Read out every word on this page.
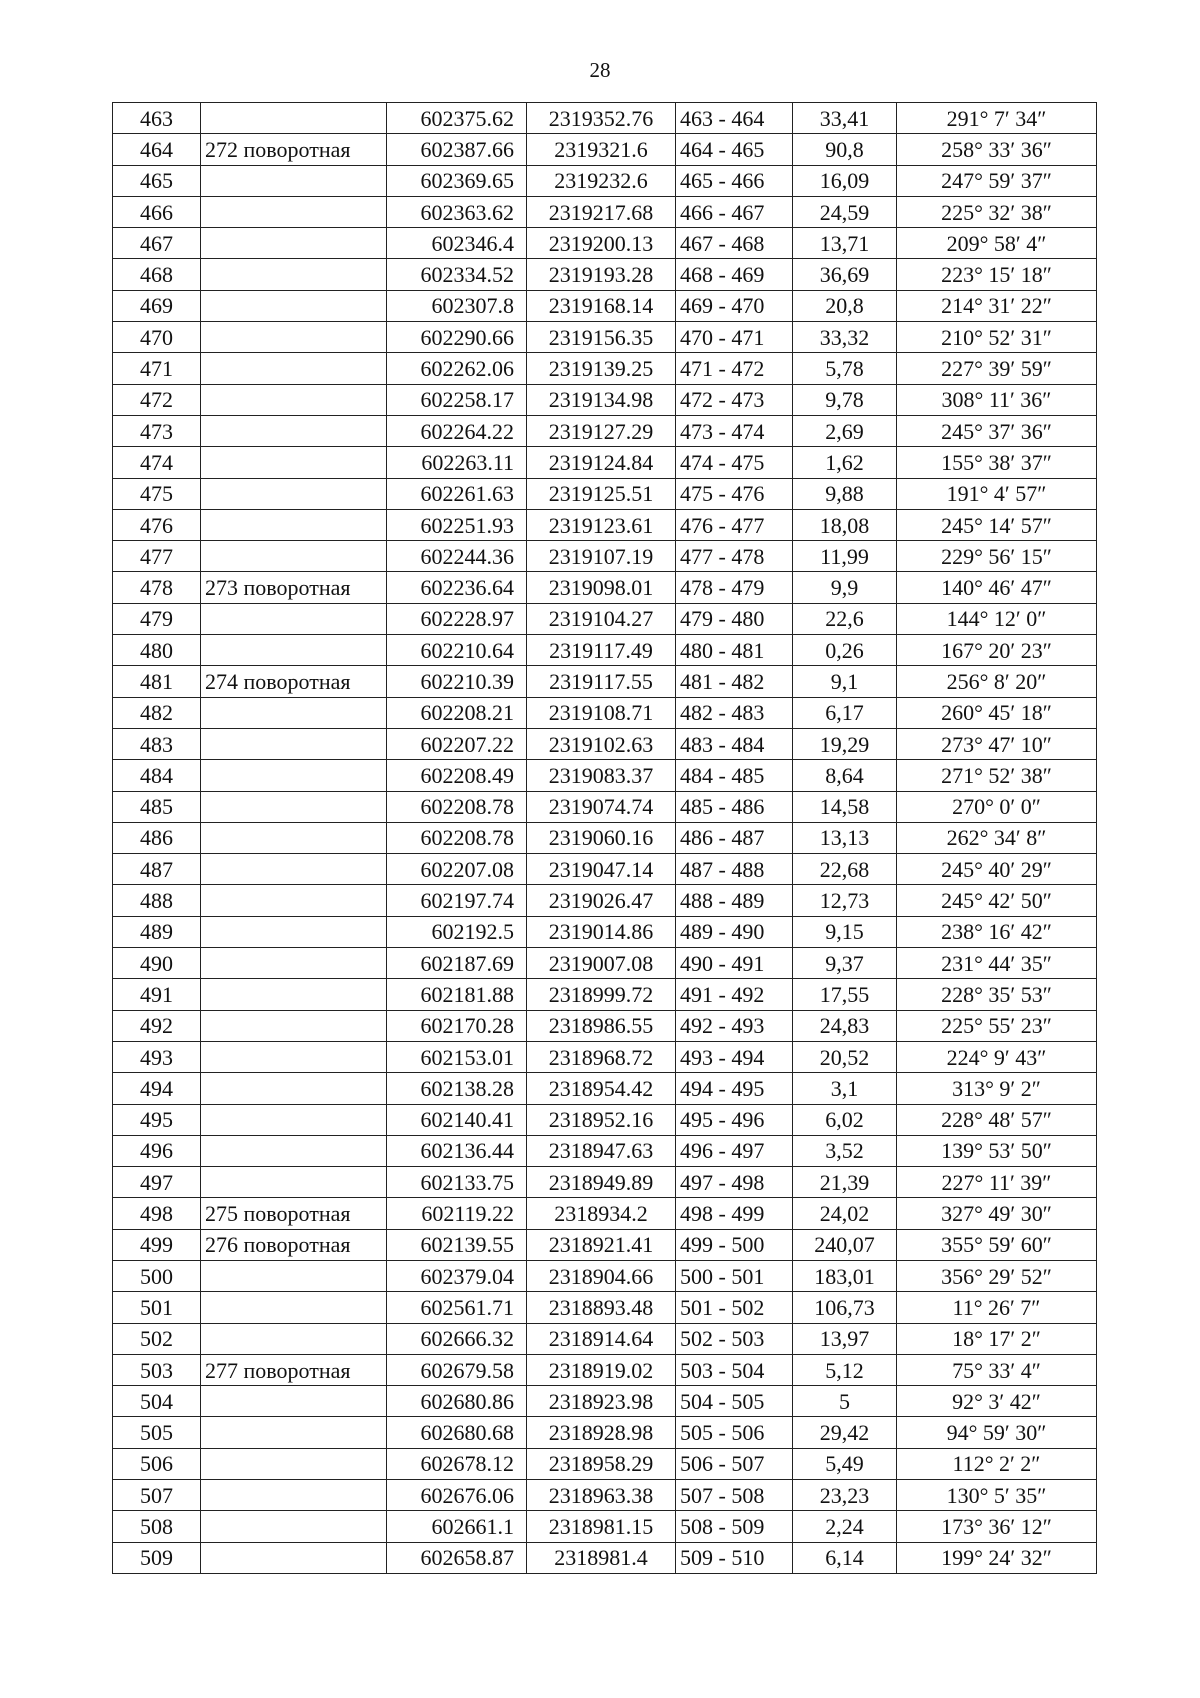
28
463		602375.62	2319352.76	463 - 464	33,41	291° 7′ 34″
464	272 поворотная	602387.66	2319321.6	464 - 465	90,8	258° 33′ 36″
465		602369.65	2319232.6	465 - 466	16,09	247° 59′ 37″
466		602363.62	2319217.68	466 - 467	24,59	225° 32′ 38″
467		602346.4	2319200.13	467 - 468	13,71	209° 58′ 4″
468		602334.52	2319193.28	468 - 469	36,69	223° 15′ 18″
469		602307.8	2319168.14	469 - 470	20,8	214° 31′ 22″
470		602290.66	2319156.35	470 - 471	33,32	210° 52′ 31″
471		602262.06	2319139.25	471 - 472	5,78	227° 39′ 59″
472		602258.17	2319134.98	472 - 473	9,78	308° 11′ 36″
473		602264.22	2319127.29	473 - 474	2,69	245° 37′ 36″
474		602263.11	2319124.84	474 - 475	1,62	155° 38′ 37″
475		602261.63	2319125.51	475 - 476	9,88	191° 4′ 57″
476		602251.93	2319123.61	476 - 477	18,08	245° 14′ 57″
477		602244.36	2319107.19	477 - 478	11,99	229° 56′ 15″
478	273 поворотная	602236.64	2319098.01	478 - 479	9,9	140° 46′ 47″
479		602228.97	2319104.27	479 - 480	22,6	144° 12′ 0″
480		602210.64	2319117.49	480 - 481	0,26	167° 20′ 23″
481	274 поворотная	602210.39	2319117.55	481 - 482	9,1	256° 8′ 20″
482		602208.21	2319108.71	482 - 483	6,17	260° 45′ 18″
483		602207.22	2319102.63	483 - 484	19,29	273° 47′ 10″
484		602208.49	2319083.37	484 - 485	8,64	271° 52′ 38″
485		602208.78	2319074.74	485 - 486	14,58	270° 0′ 0″
486		602208.78	2319060.16	486 - 487	13,13	262° 34′ 8″
487		602207.08	2319047.14	487 - 488	22,68	245° 40′ 29″
488		602197.74	2319026.47	488 - 489	12,73	245° 42′ 50″
489		602192.5	2319014.86	489 - 490	9,15	238° 16′ 42″
490		602187.69	2319007.08	490 - 491	9,37	231° 44′ 35″
491		602181.88	2318999.72	491 - 492	17,55	228° 35′ 53″
492		602170.28	2318986.55	492 - 493	24,83	225° 55′ 23″
493		602153.01	2318968.72	493 - 494	20,52	224° 9′ 43″
494		602138.28	2318954.42	494 - 495	3,1	313° 9′ 2″
495		602140.41	2318952.16	495 - 496	6,02	228° 48′ 57″
496		602136.44	2318947.63	496 - 497	3,52	139° 53′ 50″
497		602133.75	2318949.89	497 - 498	21,39	227° 11′ 39″
498	275 поворотная	602119.22	2318934.2	498 - 499	24,02	327° 49′ 30″
499	276 поворотная	602139.55	2318921.41	499 - 500	240,07	355° 59′ 60″
500		602379.04	2318904.66	500 - 501	183,01	356° 29′ 52″
501		602561.71	2318893.48	501 - 502	106,73	11° 26′ 7″
502		602666.32	2318914.64	502 - 503	13,97	18° 17′ 2″
503	277 поворотная	602679.58	2318919.02	503 - 504	5,12	75° 33′ 4″
504		602680.86	2318923.98	504 - 505	5	92° 3′ 42″
505		602680.68	2318928.98	505 - 506	29,42	94° 59′ 30″
506		602678.12	2318958.29	506 - 507	5,49	112° 2′ 2″
507		602676.06	2318963.38	507 - 508	23,23	130° 5′ 35″
508		602661.1	2318981.15	508 - 509	2,24	173° 36′ 12″
509		602658.87	2318981.4	509 - 510	6,14	199° 24′ 32″
